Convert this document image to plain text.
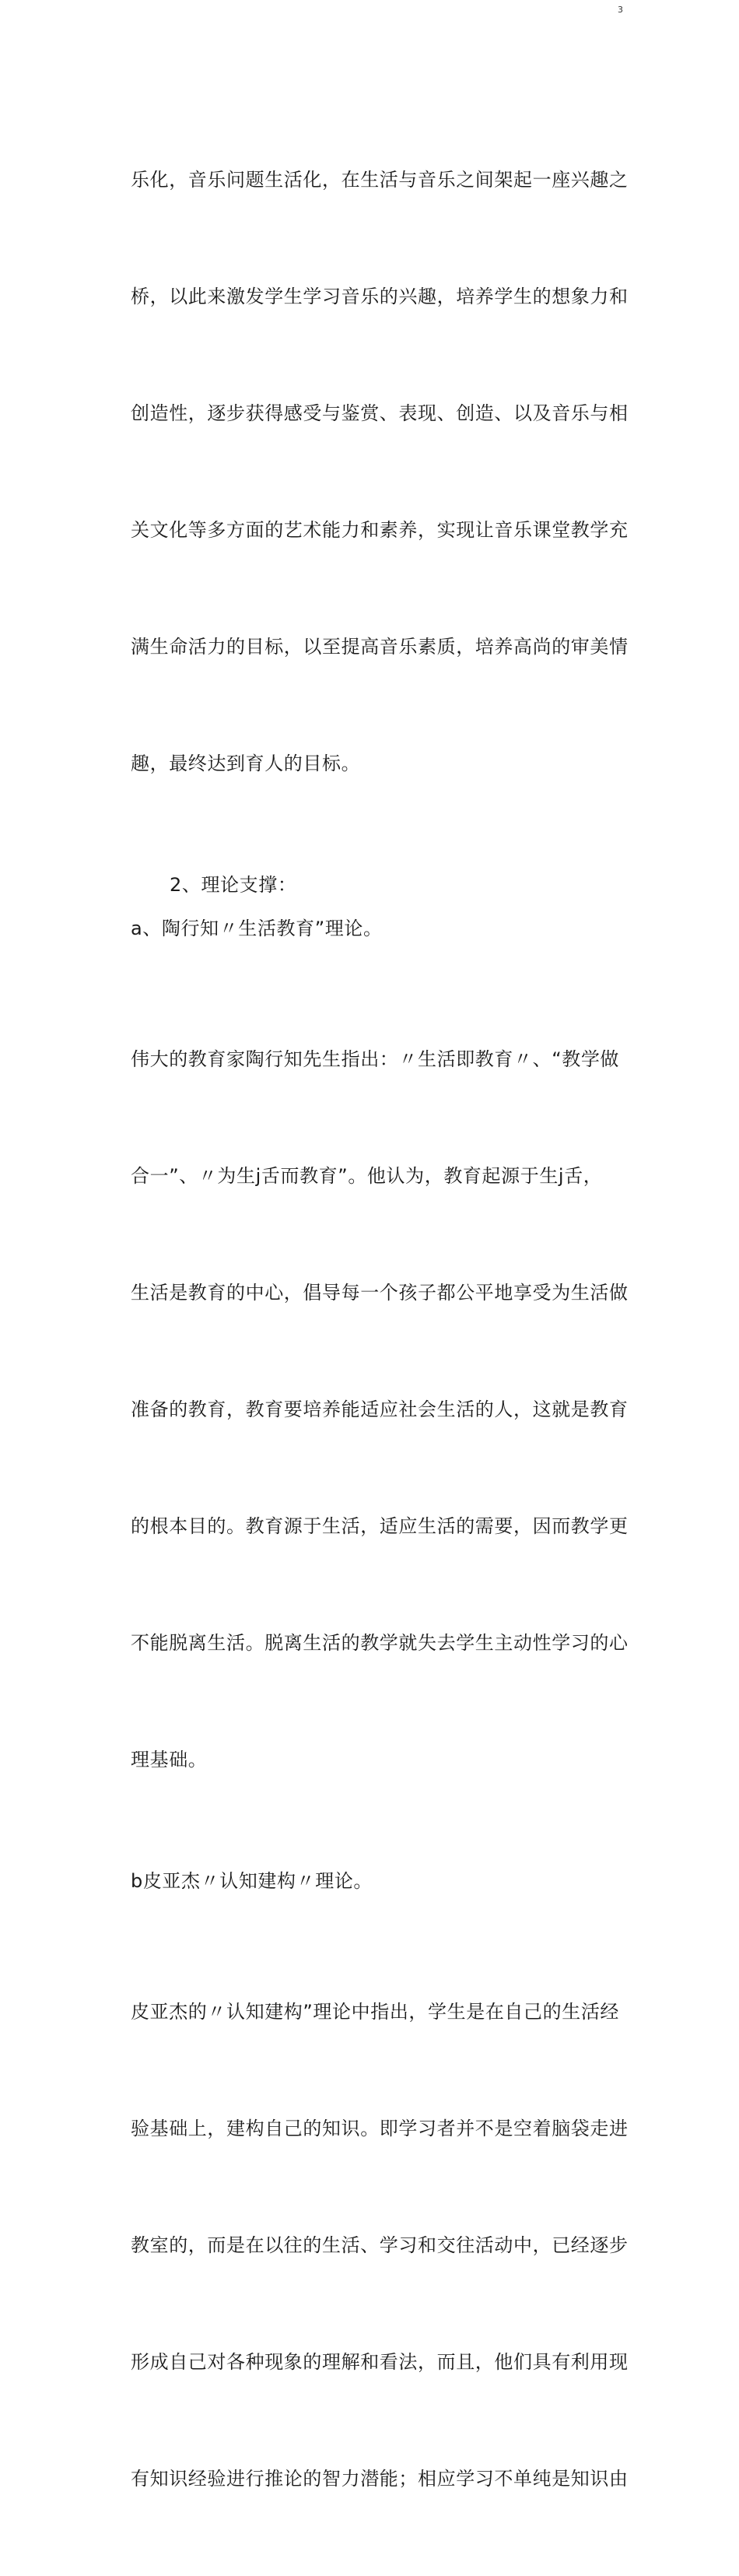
3

乐化，音乐问题生活化，在生活与音乐之间架起一座兴趣之

桥，以此来激发学生学习音乐的兴趣，培养学生的想象力和

创造性，逐步获得感受与鉴赏、表现、创造、以及音乐与相

关文化等多方面的艺术能力和素养，实现让音乐课堂教学充

满生命活力的目标，以至提高音乐素质，培养高尚的审美情

趣，最终达到育人的目标。

2、理论支撑：

a、陶行知〃生活教育”理论。

伟大的教育家陶行知先生指出：〃生活即教育〃、“教学做

合一”、〃为生j舌而教育”。他认为，教育起源于生j舌，

生活是教育的中心，倡导每一个孩子都公平地享受为生活做

准备的教育，教育要培养能适应社会生活的人，这就是教育

的根本目的。教育源于生活，适应生活的需要，因而教学更

不能脱离生活。脱离生活的教学就失去学生主动性学习的心

理基础。

b皮亚杰〃认知建构〃理论。

皮亚杰的〃认知建构”理论中指出，学生是在自己的生活经

验基础上，建构自己的知识。即学习者并不是空着脑袋走进

教室的，而是在以往的生活、学习和交往活动中，已经逐步

形成自己对各种现象的理解和看法，而且，他们具有利用现

有知识经验进行推论的智力潜能；相应学习不单纯是知识由
